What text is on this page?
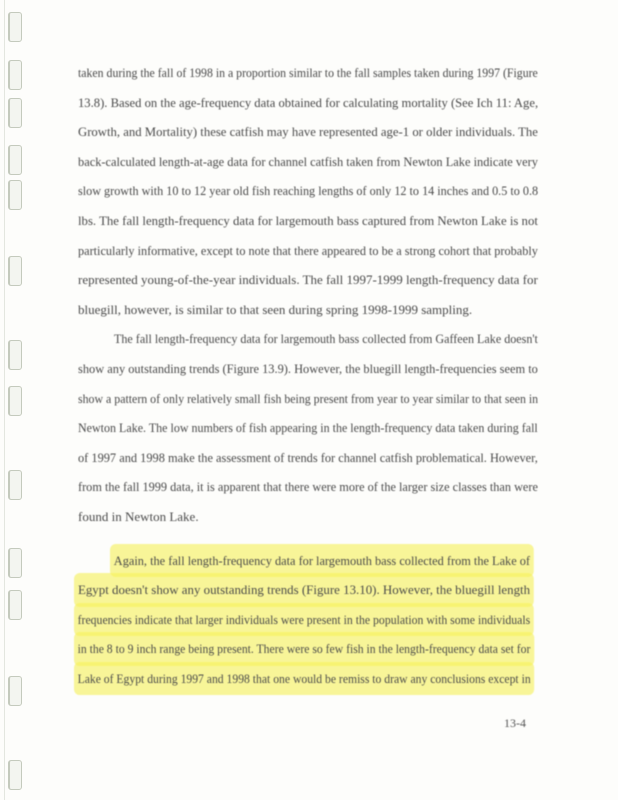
taken during the fall of 1998 in a proportion similar to the fall samples taken during 1997 (Figure
13.8). Based on the age-frequency data obtained for calculating mortality (See Ich 11: Age,
Growth, and Mortality) these catfish may have represented age-1 or older individuals. The
back-calculated length-at-age data for channel catfish taken from Newton Lake indicate very
slow growth with 10 to 12 year old fish reaching lengths of only 12 to 14 inches and 0.5 to 0.8
lbs. The fall length-frequency data for largemouth bass captured from Newton Lake is not
particularly informative, except to note that there appeared to be a strong cohort that probably
represented young-of-the-year individuals. The fall 1997-1999 length-frequency data for
bluegill, however, is similar to that seen during spring 1998-1999 sampling.
The fall length-frequency data for largemouth bass collected from Gaffeen Lake doesn't
show any outstanding trends (Figure 13.9). However, the bluegill length-frequencies seem to
show a pattern of only relatively small fish being present from year to year similar to that seen in
Newton Lake. The low numbers of fish appearing in the length-frequency data taken during fall
of 1997 and 1998 make the assessment of trends for channel catfish problematical. However,
from the fall 1999 data, it is apparent that there were more of the larger size classes than were
found in Newton Lake.
Again, the fall length-frequency data for largemouth bass collected from the Lake of
Egypt doesn't show any outstanding trends (Figure 13.10). However, the bluegill length
frequencies indicate that larger individuals were present in the population with some individuals
in the 8 to 9 inch range being present. There were so few fish in the length-frequency data set for
Lake of Egypt during 1997 and 1998 that one would be remiss to draw any conclusions except in
13-4
